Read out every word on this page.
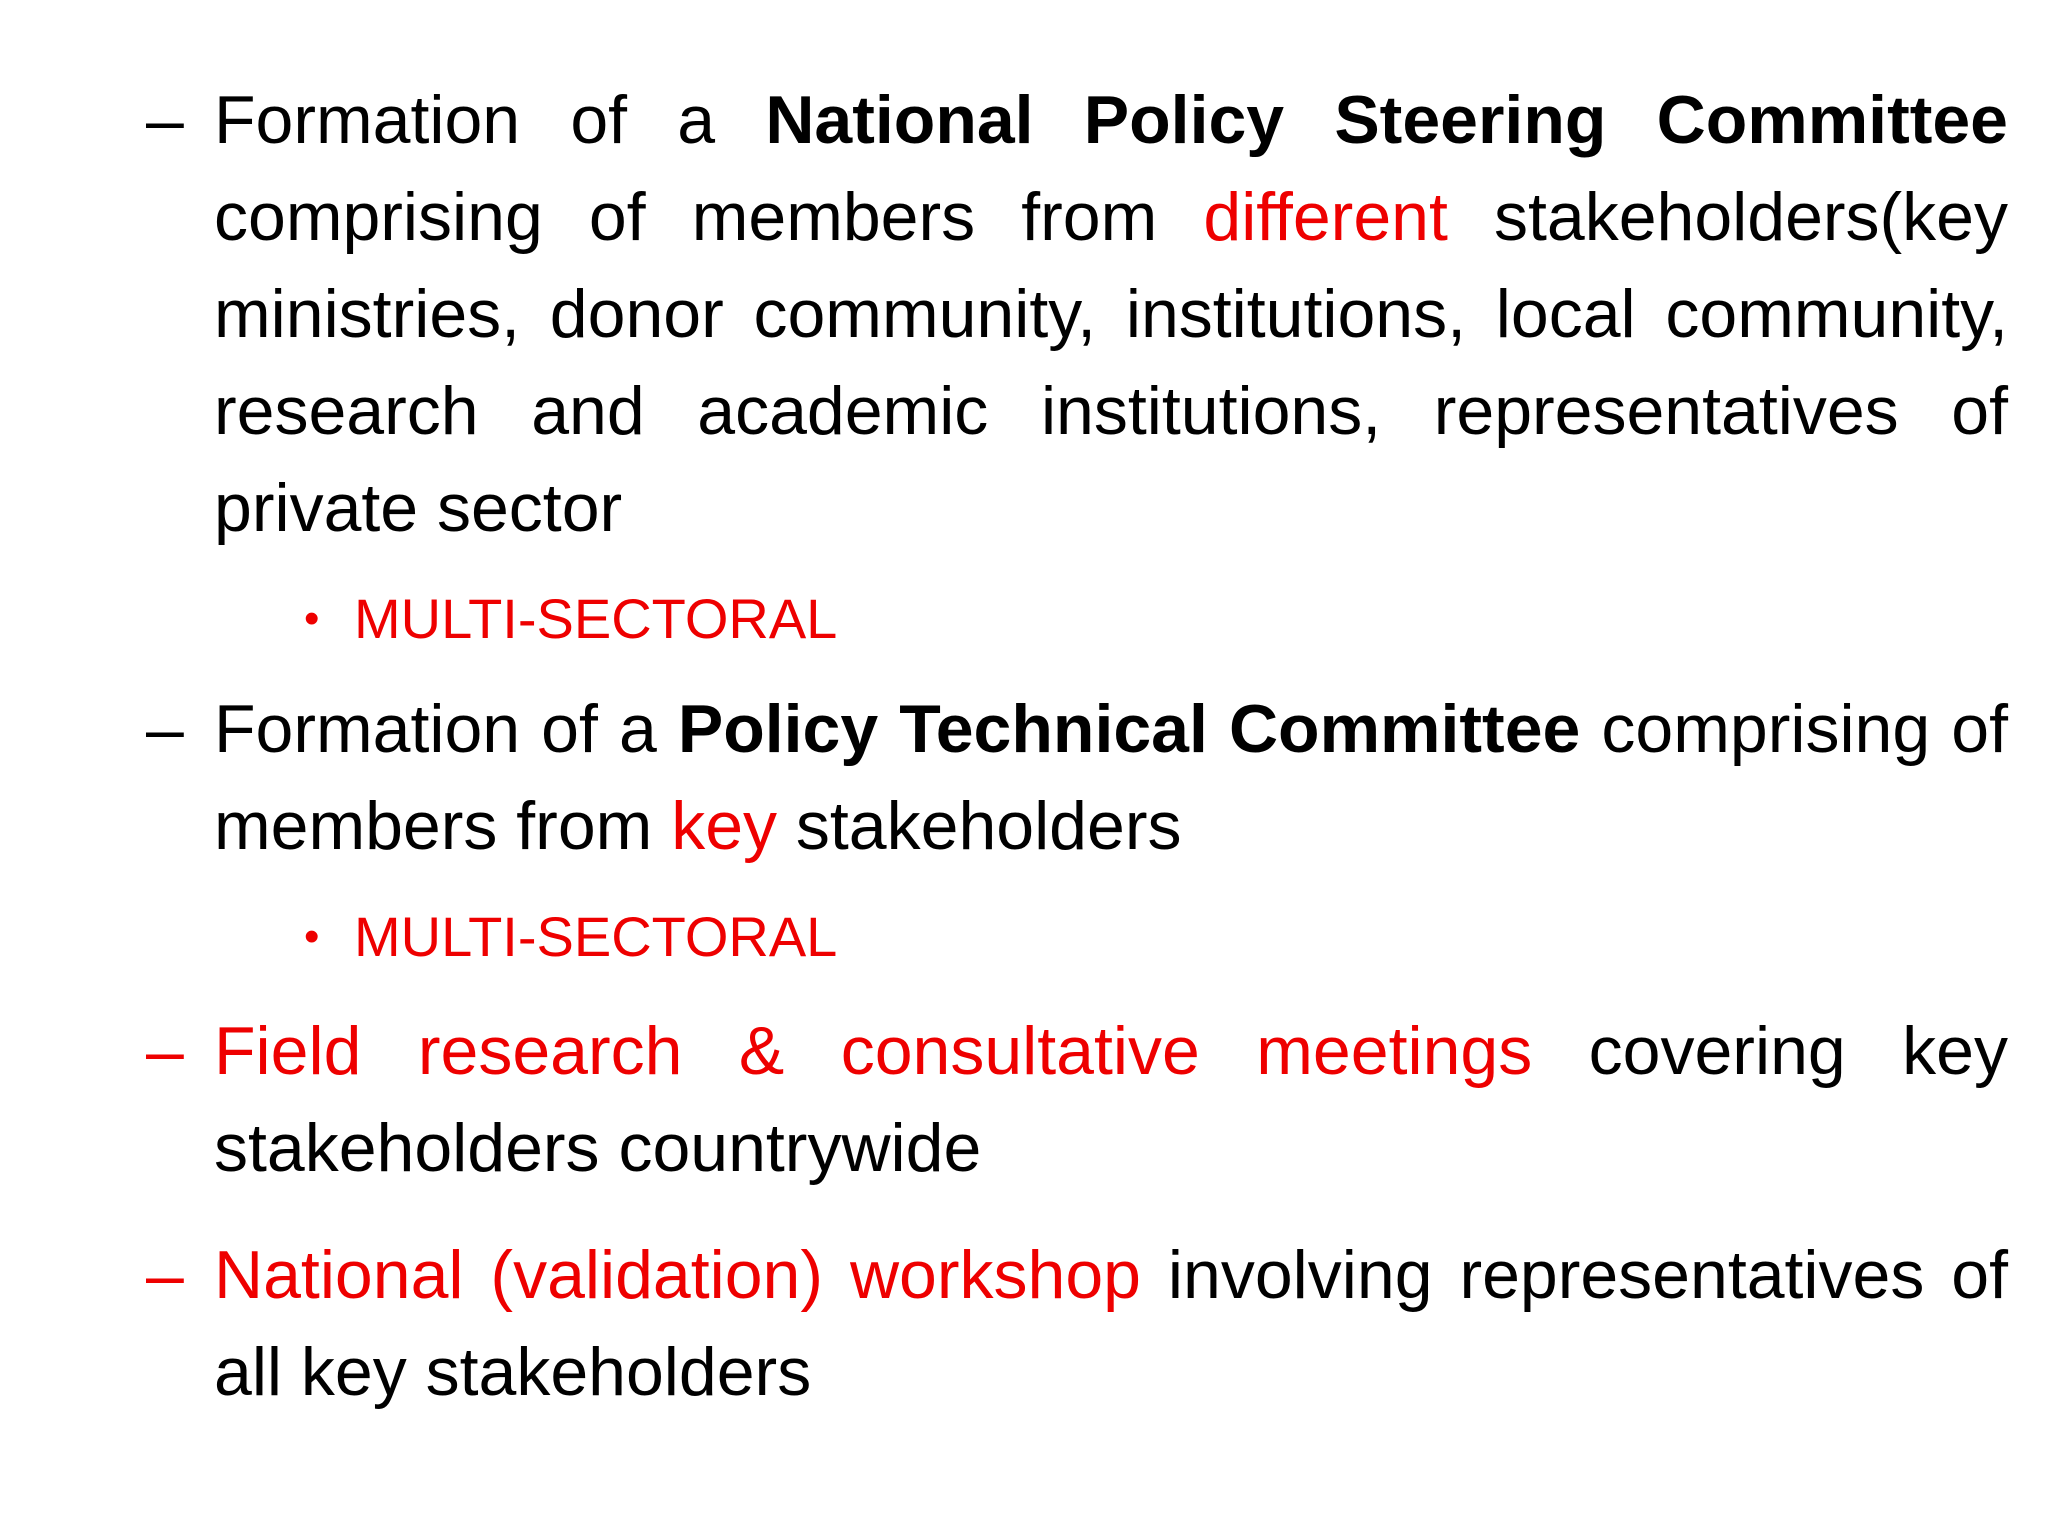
– Formation of a National Policy Steering Committee comprising of members from different stakeholders(key ministries, donor community, institutions, local community, research and academic institutions, representatives of private sector
• MULTI-SECTORAL
– Formation of a Policy Technical Committee comprising of members from key stakeholders
• MULTI-SECTORAL
– Field research & consultative meetings covering key stakeholders countrywide
– National (validation) workshop involving representatives of all key stakeholders
